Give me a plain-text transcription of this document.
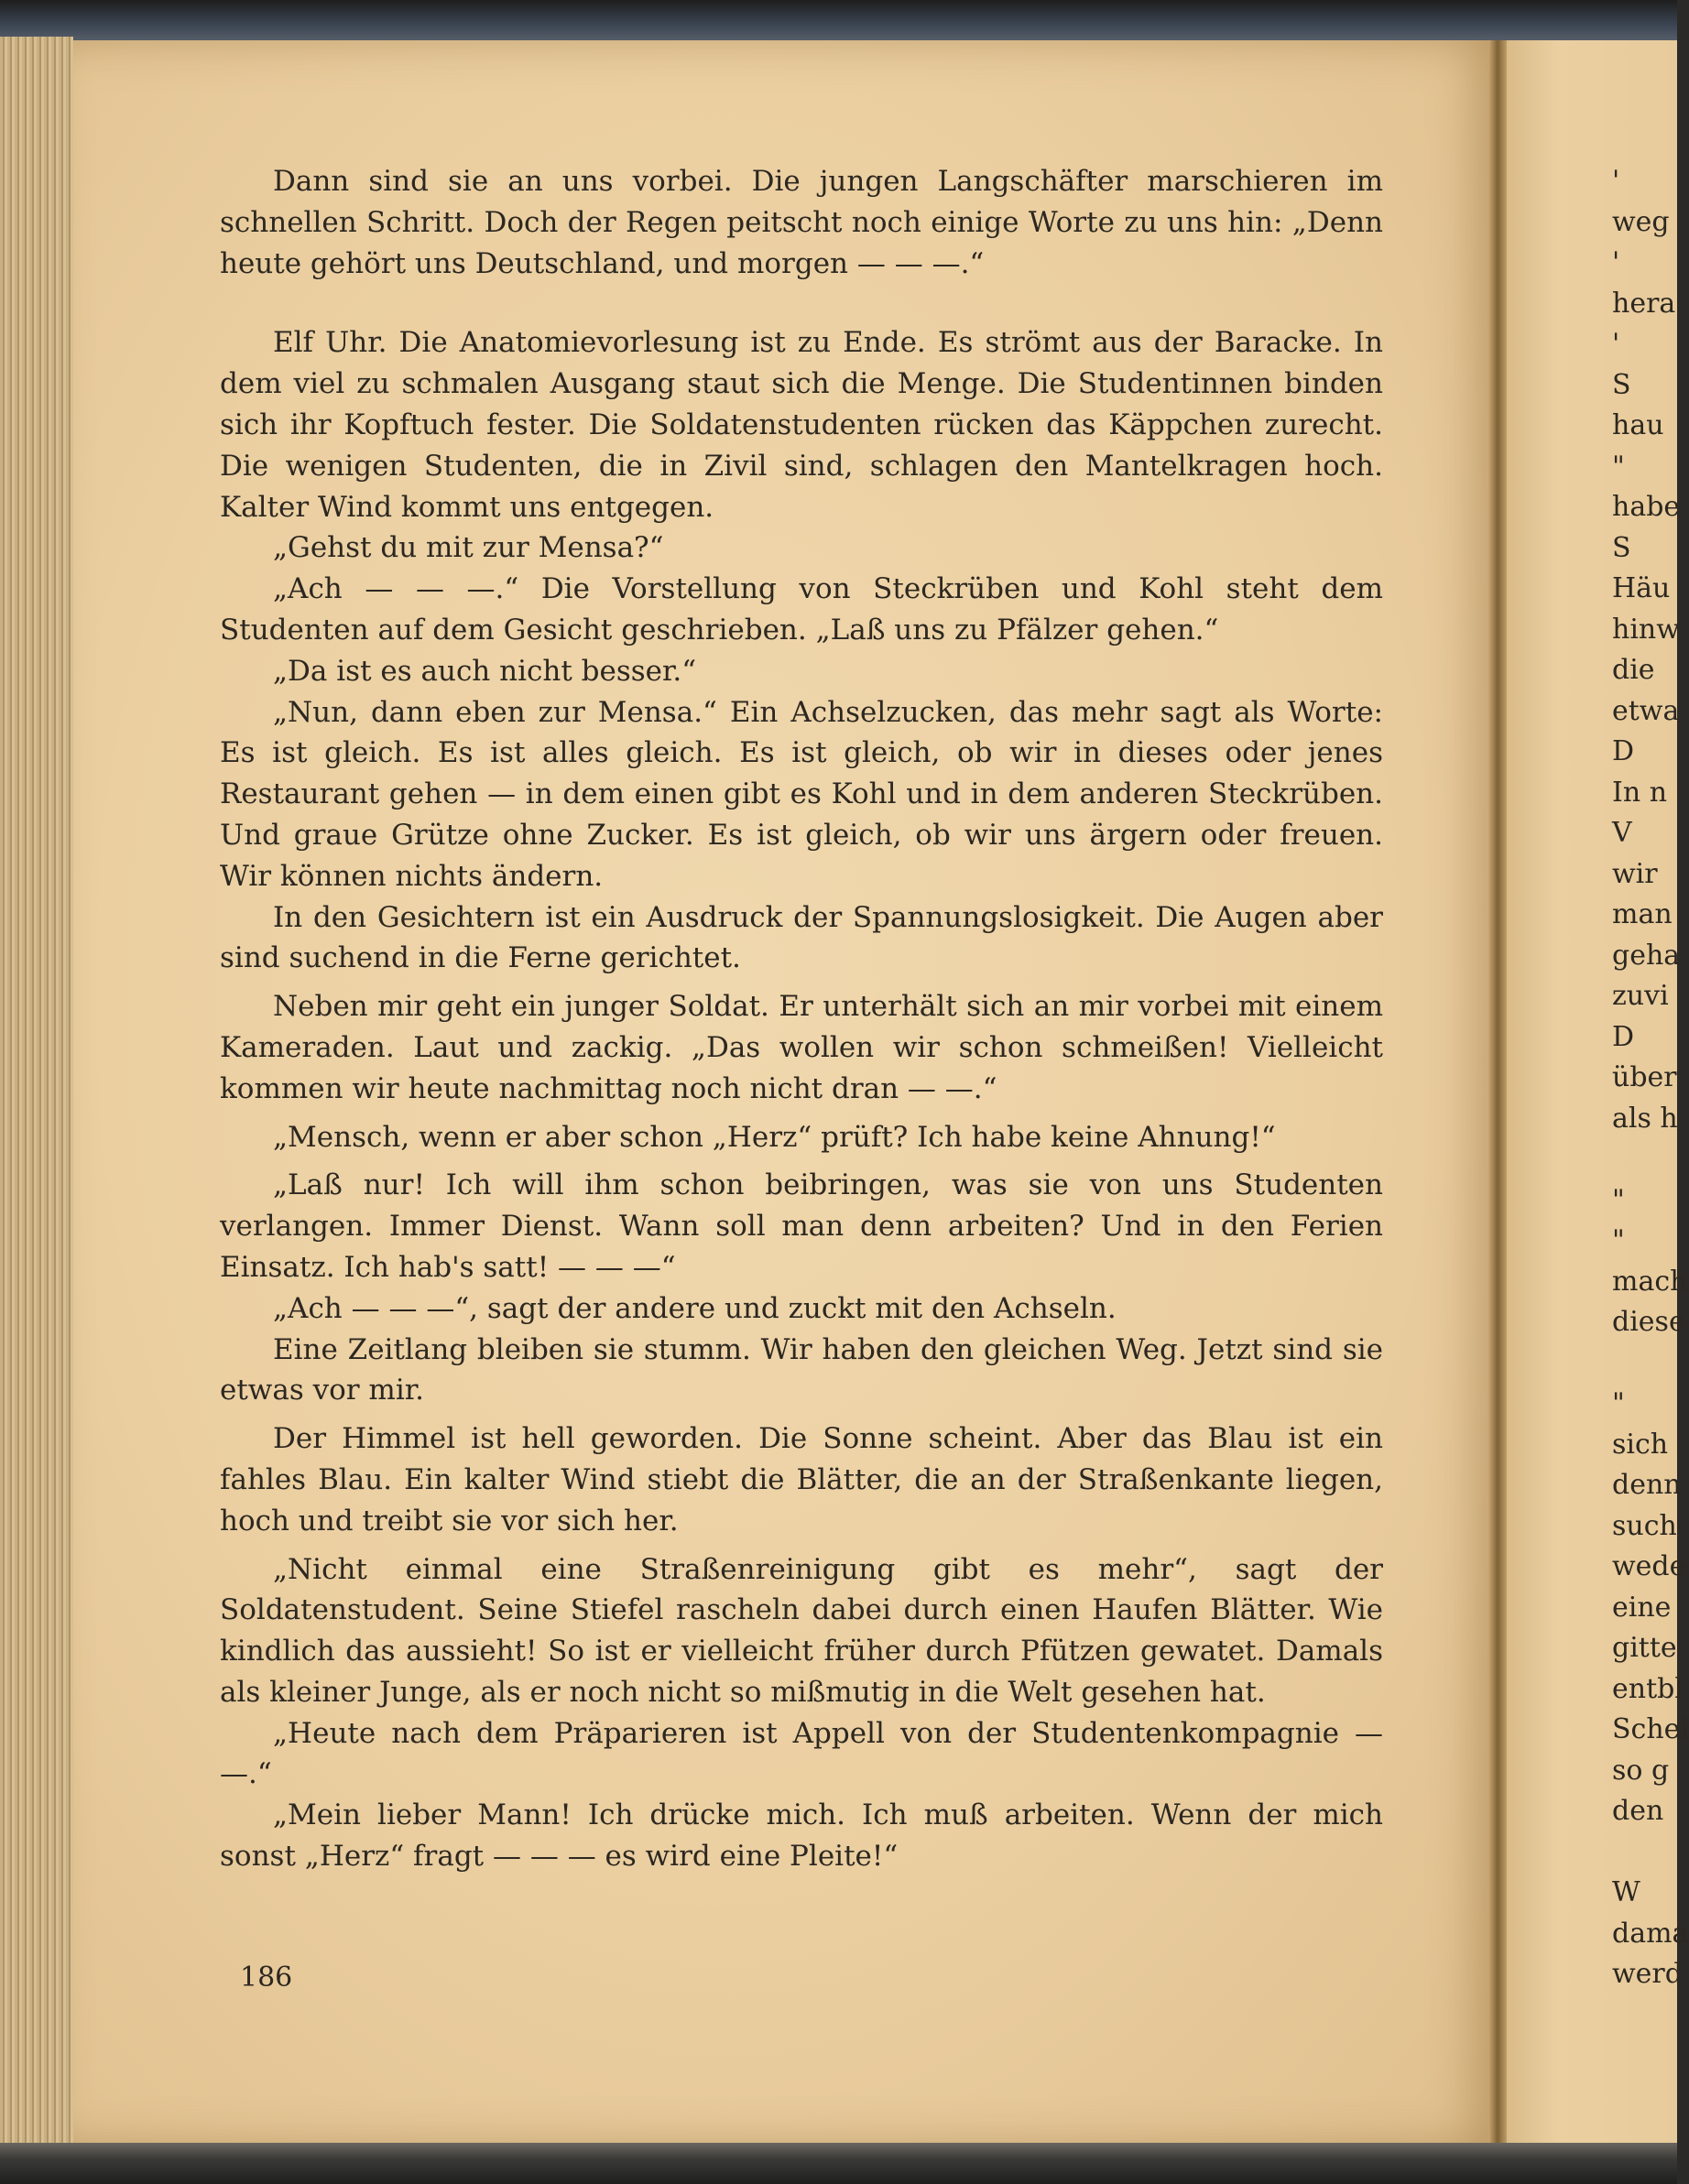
Dann sind sie an uns vorbei. Die jungen Langschäfter marschieren im schnellen Schritt. Doch der Regen peitscht noch einige Worte zu uns hin: „Denn heute gehört uns Deutschland, und morgen — — —.“

Elf Uhr. Die Anatomievorlesung ist zu Ende. Es strömt aus der Baracke. In dem viel zu schmalen Ausgang staut sich die Menge. Die Studentinnen binden sich ihr Kopftuch fester. Die Soldatenstudenten rücken das Käppchen zurecht. Die wenigen Studenten, die in Zivil sind, schlagen den Mantelkragen hoch. Kalter Wind kommt uns entgegen.

„Gehst du mit zur Mensa?“

„Ach — — —.“ Die Vorstellung von Steckrüben und Kohl steht dem Studenten auf dem Gesicht geschrieben. „Laß uns zu Pfälzer gehen.“

„Da ist es auch nicht besser.“

„Nun, dann eben zur Mensa.“ Ein Achselzucken, das mehr sagt als Worte: Es ist gleich. Es ist alles gleich. Es ist gleich, ob wir in dieses oder jenes Restaurant gehen — in dem einen gibt es Kohl und in dem anderen Steckrüben. Und graue Grütze ohne Zucker. Es ist gleich, ob wir uns ärgern oder freuen. Wir können nichts ändern.

In den Gesichtern ist ein Ausdruck der Spannungslosigkeit. Die Augen aber sind suchend in die Ferne gerichtet.

Neben mir geht ein junger Soldat. Er unterhält sich an mir vorbei mit einem Kameraden. Laut und zackig. „Das wollen wir schon schmeißen! Vielleicht kommen wir heute nachmittag noch nicht dran — —.“

„Mensch, wenn er aber schon „Herz“ prüft? Ich habe keine Ahnung!“

„Laß nur! Ich will ihm schon beibringen, was sie von uns Studenten verlangen. Immer Dienst. Wann soll man denn arbeiten? Und in den Ferien Einsatz. Ich hab's satt! — — —“

„Ach — — —“, sagt der andere und zuckt mit den Achseln.

Eine Zeitlang bleiben sie stumm. Wir haben den gleichen Weg. Jetzt sind sie etwas vor mir.

Der Himmel ist hell geworden. Die Sonne scheint. Aber das Blau ist ein fahles Blau. Ein kalter Wind stiebt die Blätter, die an der Straßenkante liegen, hoch und treibt sie vor sich her.

„Nicht einmal eine Straßenreinigung gibt es mehr“, sagt der Soldatenstudent. Seine Stiefel rascheln dabei durch einen Haufen Blätter. Wie kindlich das aussieht! So ist er vielleicht früher durch Pfützen gewatet. Damals als kleiner Junge, als er noch nicht so mißmutig in die Welt gesehen hat.

„Heute nach dem Präparieren ist Appell von der Studentenkompagnie — —.“

„Mein lieber Mann! Ich drücke mich. Ich muß arbeiten. Wenn der mich sonst „Herz“ fragt — — — es wird eine Pleite!“

186
'
weg
'
hera
'
S
hau
"
habe
S
Häu
hinw
die
etwa
D
In n
V
wir
man
geha
zuvi
D
über
als h
"
"
mach
diese
"
sich
denn
such
wede
eine
gitte
entbl
Schei
so g
den
W
dama
werd
